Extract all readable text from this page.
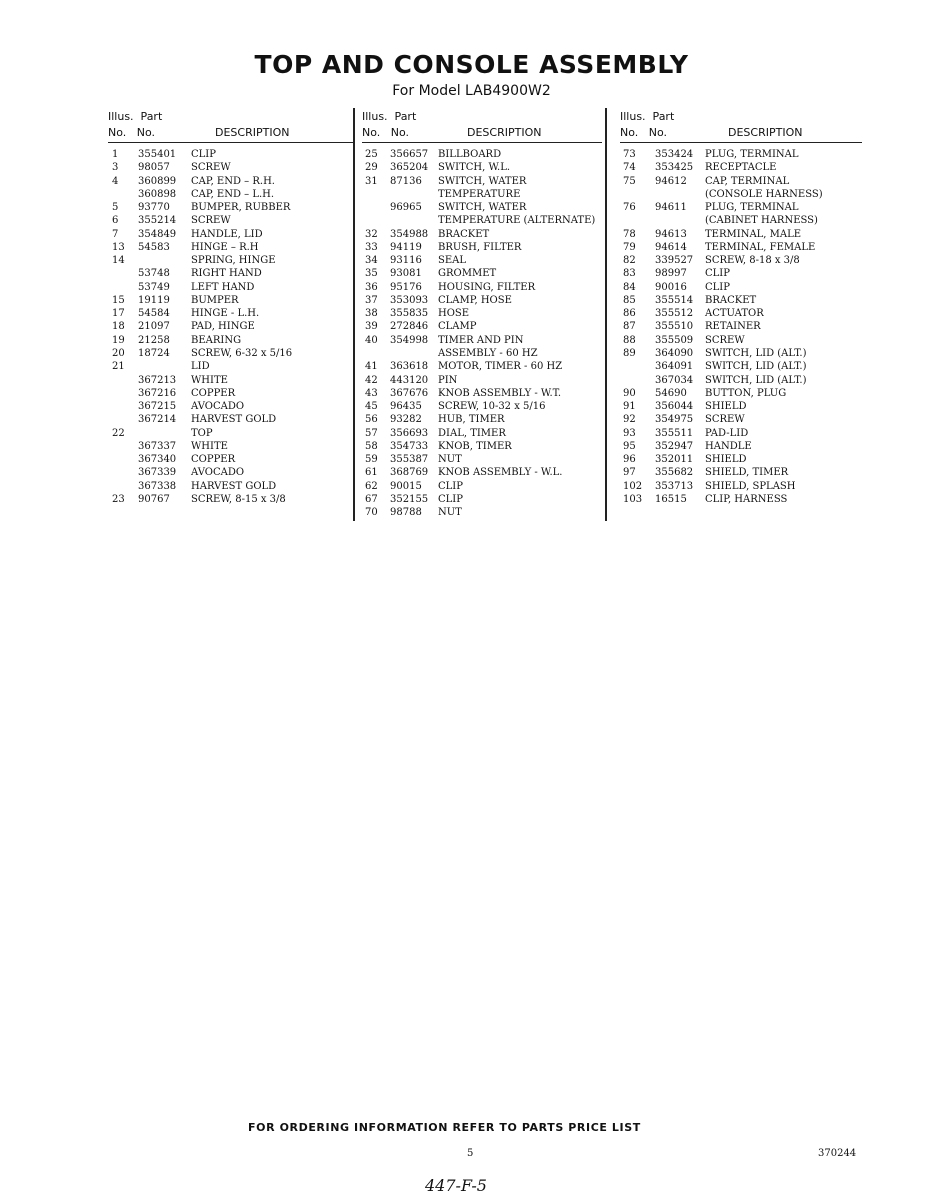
TOP AND CONSOLE ASSEMBLY
For Model LAB4900W2
Illus.  Part
No.   No.	DESCRIPTION
1 355401 CLIP
3 98057 SCREW
4 360899 CAP, END – R.H.
360898 CAP, END – L.H.
5 93770 BUMPER, RUBBER
6 355214 SCREW
7 354849 HANDLE, LID
13 54583 HINGE – R.H
14	SPRING, HINGE
53748 RIGHT HAND
53749 LEFT HAND
15 19119 BUMPER
17 54584 HINGE - L.H.
18 21097 PAD, HINGE
19 21258 BEARING
20 18724 SCREW, 6-32 x 5/16
21	LID
367213 WHITE
367216 COPPER
367215 AVOCADO
367214 HARVEST GOLD
22	TOP
367337 WHITE
367340 COPPER
367339 AVOCADO
367338 HARVEST GOLD
23 90767 SCREW, 8-15 x 3/8
Illus.  Part
No.   No.	DESCRIPTION
25 356657 BILLBOARD
29 365204 SWITCH, W.L.
31 87136 SWITCH, WATER
TEMPERATURE
96965 SWITCH, WATER
TEMPERATURE (ALTERNATE)
32 354988 BRACKET
33 94119 BRUSH, FILTER
34 93116 SEAL
35 93081 GROMMET
36 95176 HOUSING, FILTER
37 353093 CLAMP, HOSE
38 355835 HOSE
39 272846 CLAMP
40 354998 TIMER AND PIN
ASSEMBLY - 60 HZ
41 363618 MOTOR, TIMER - 60 HZ
42 443120 PIN
43 367676 KNOB ASSEMBLY - W.T.
45 96435 SCREW, 10-32 x 5/16
56 93282 HUB, TIMER
57 356693 DIAL, TIMER
58 354733 KNOB, TIMER
59 355387 NUT
61 368769 KNOB ASSEMBLY - W.L.
62 90015 CLIP
67 352155 CLIP
70 98788 NUT
Illus.  Part
No.   No.	DESCRIPTION
73 353424 PLUG, TERMINAL
74 353425 RECEPTACLE
75 94612 CAP, TERMINAL
(CONSOLE HARNESS)
76 94611 PLUG, TERMINAL
(CABINET HARNESS)
78 94613 TERMINAL, MALE
79 94614 TERMINAL, FEMALE
82 339527 SCREW, 8-18 x 3/8
83 98997 CLIP
84 90016 CLIP
85 355514 BRACKET
86 355512 ACTUATOR
87 355510 RETAINER
88 355509 SCREW
89 364090 SWITCH, LID (ALT.)
364091 SWITCH, LID (ALT.)
367034 SWITCH, LID (ALT.)
90 54690 BUTTON, PLUG
91 356044 SHIELD
92 354975 SCREW
93 355511 PAD-LID
95 352947 HANDLE
96 352011 SHIELD
97 355682 SHIELD, TIMER
102 353713 SHIELD, SPLASH
103 16515 CLIP, HARNESS
FOR ORDERING INFORMATION REFER TO PARTS PRICE LIST
5	370244
447-F-5
